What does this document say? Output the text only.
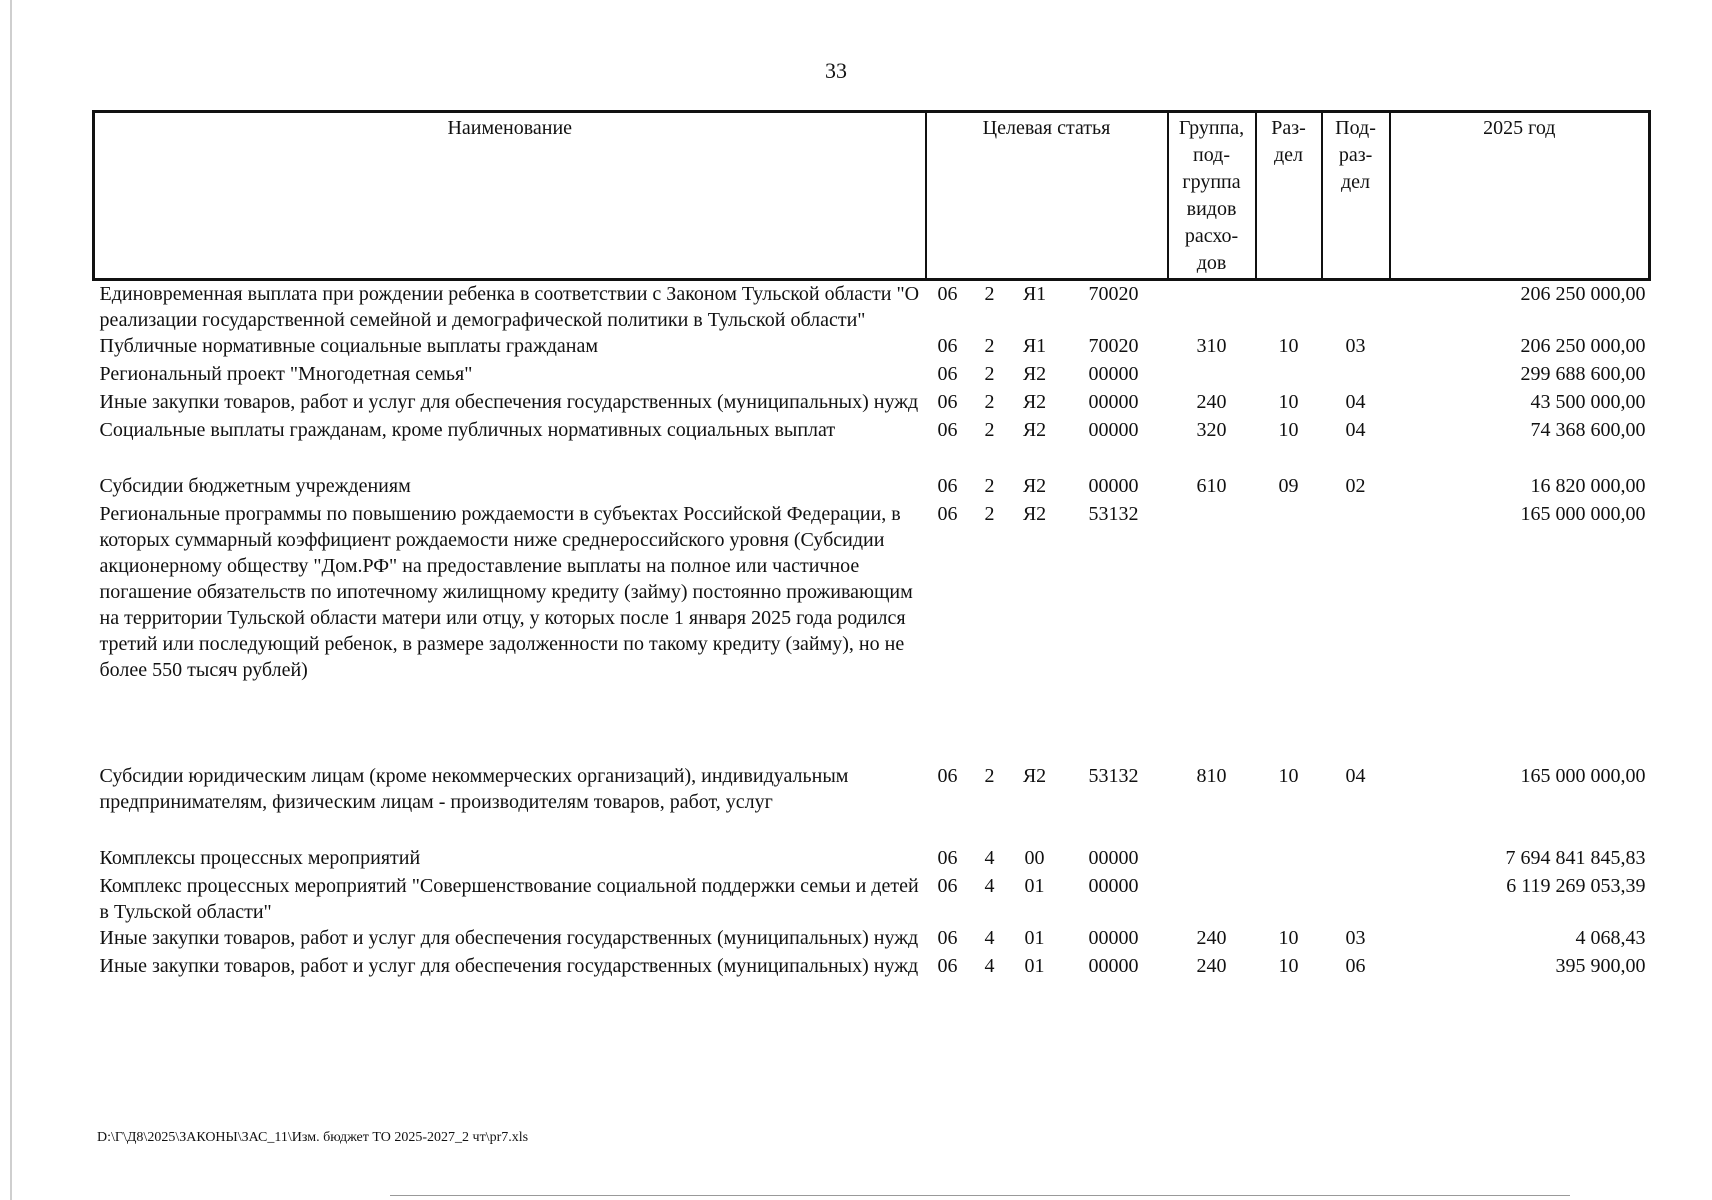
33
Наименование	Целевая статья				Группа, под-группа видов расхо-дов	Раз-дел	Под-раз-дел	2025 год
Единовременная выплата при рождении ребенка в соответствии с Законом Тульской области "О реализации государственной семейной и демографической политики в Тульской области"	06	2	Я1	70020				206 250 000,00
Публичные нормативные социальные выплаты гражданам	06	2	Я1	70020	310	10	03	206 250 000,00
Региональный проект "Многодетная семья"	06	2	Я2	00000				299 688 600,00
Иные закупки товаров, работ и услуг для обеспечения государственных (муниципальных) нужд	06	2	Я2	00000	240	10	04	43 500 000,00
Социальные выплаты гражданам, кроме публичных нормативных социальных выплат	06	2	Я2	00000	320	10	04	74 368 600,00
Субсидии бюджетным учреждениям	06	2	Я2	00000	610	09	02	16 820 000,00
Региональные программы по повышению рождаемости в субъектах Российской Федерации, в которых суммарный коэффициент рождаемости ниже среднероссийского уровня (Субсидии акционерному обществу "Дом.РФ" на предоставление выплаты на полное или частичное погашение обязательств по ипотечному жилищному кредиту (займу) постоянно проживающим на территории Тульской области матери или отцу, у которых после 1 января 2025 года родился третий или последующий ребенок, в размере задолженности по такому кредиту (займу), но не более 550 тысяч рублей)	06	2	Я2	53132				165 000 000,00
Субсидии юридическим лицам (кроме некоммерческих организаций), индивидуальным предпринимателям, физическим лицам - производителям товаров, работ, услуг	06	2	Я2	53132	810	10	04	165 000 000,00
Комплексы процессных мероприятий	06	4	00	00000				7 694 841 845,83
Комплекс процессных мероприятий "Совершенствование социальной поддержки семьи и детей в Тульской области"	06	4	01	00000				6 119 269 053,39
Иные закупки товаров, работ и услуг для обеспечения государственных (муниципальных) нужд	06	4	01	00000	240	10	03	4 068,43
Иные закупки товаров, работ и услуг для обеспечения государственных (муниципальных) нужд	06	4	01	00000	240	10	06	395 900,00
D:\Г\Д8\2025\ЗАКОНЫ\ЗАС_11\Изм. бюджет ТО 2025-2027_2 чт\pr7.xls
